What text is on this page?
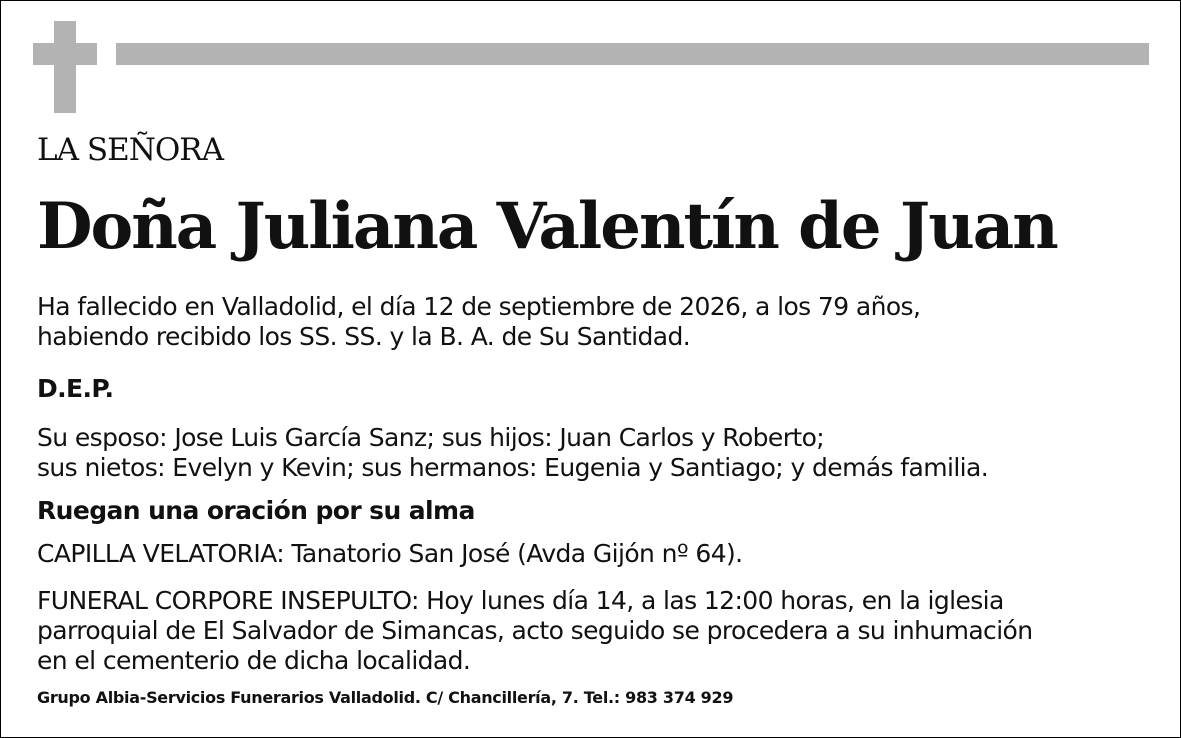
LA SEÑORA
Doña Juliana Valentín de Juan
Ha fallecido en Valladolid, el día 12 de septiembre de 2026, a los 79 años,
habiendo recibido los SS. SS. y la B. A. de Su Santidad.
D.E.P.
Su esposo: Jose Luis García Sanz; sus hijos: Juan Carlos y Roberto;
sus nietos: Evelyn y Kevin; sus hermanos: Eugenia y Santiago; y demás familia.
Ruegan una oración por su alma
CAPILLA VELATORIA: Tanatorio San José (Avda Gijón nº 64).
FUNERAL CORPORE INSEPULTO: Hoy lunes día 14, a las 12:00 horas, en la iglesia
parroquial de El Salvador de Simancas, acto seguido se procedera a su inhumación
en el cementerio de dicha localidad.
Grupo Albia-Servicios Funerarios Valladolid. C/ Chancillería, 7. Tel.: 983 374 929
